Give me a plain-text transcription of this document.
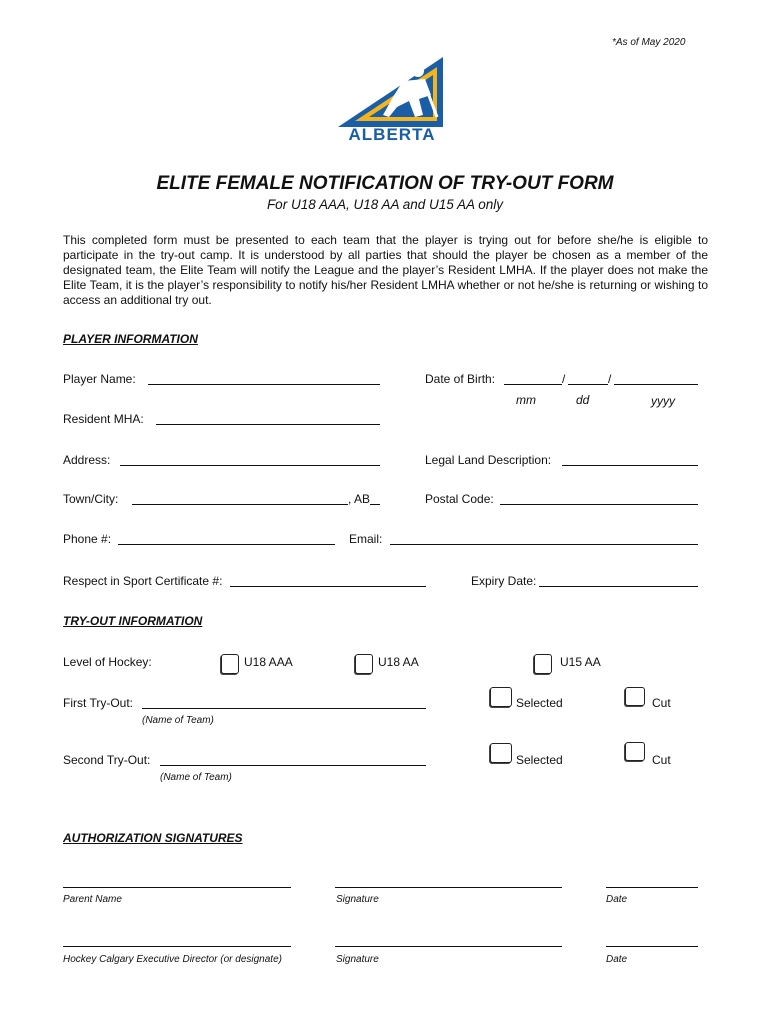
*As of May 2020
ALBERTA
ELITE FEMALE NOTIFICATION OF TRY-OUT FORM
For U18 AAA, U18 AA and U15 AA only
This completed form must be presented to each team that the player is trying out for before she/he is eligible to participate in the try-out camp. It is understood by all parties that should the player be chosen as a member of the designated team, the Elite Team will notify the League and the player’s Resident LMHA. If the player does not make the Elite Team, it is the player’s responsibility to notify his/her Resident LMHA whether or not he/she is returning or wishing to access an additional try out.
PLAYER INFORMATION
Player Name:	Date of Birth:	/	/
mm	dd	yyyy
Resident MHA:
Address:	Legal Land Description:
Town/City:	, AB	Postal Code:
Phone #:	Email:
Respect in Sport Certificate #:	Expiry Date:
TRY-OUT INFORMATION
Level of Hockey:	U18 AAA	U18 AA	U15 AA
First Try-Out:
(Name of Team)
Selected	Cut
Second Try-Out:
(Name of Team)
Selected	Cut
AUTHORIZATION SIGNATURES
Parent Name	Signature	Date
Hockey Calgary Executive Director (or designate)	Signature	Date
